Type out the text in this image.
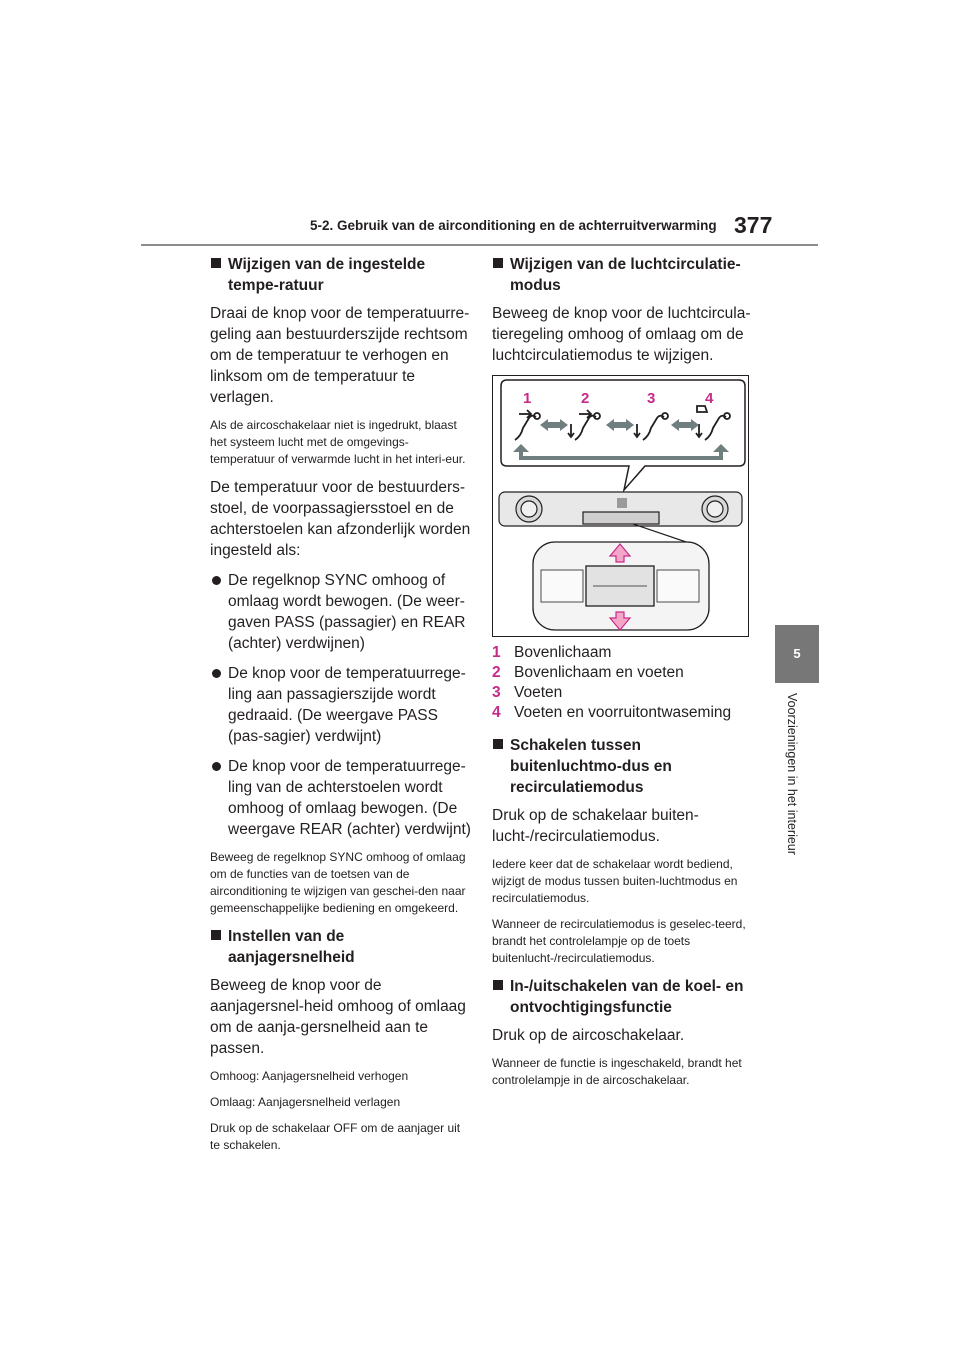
5-2. Gebruik van de airconditioning en de achterruitverwarming 377
5
Voorzieningen in het interieur
Wijzigen van de ingestelde tempe-ratuur

Draai de knop voor de temperatuurre-geling aan bestuurderszijde rechtsom om de temperatuur te verhogen en linksom om de temperatuur te verlagen.

Als de aircoschakelaar niet is ingedrukt, blaast het systeem lucht met de omgevings-temperatuur of verwarmde lucht in het interi-eur.

De temperatuur voor de bestuurders-stoel, de voorpassagiersstoel en de achterstoelen kan afzonderlijk worden ingesteld als:

De regelknop SYNC omhoog of omlaag wordt bewogen. (De weer-gaven PASS (passagier) en REAR (achter) verdwijnen)
De knop voor de temperatuurrege-ling aan passagierszijde wordt gedraaid. (De weergave PASS (pas-sagier) verdwijnt)
De knop voor de temperatuurrege-ling van de achterstoelen wordt omhoog of omlaag bewogen. (De weergave REAR (achter) verdwijnt)

Beweeg de regelknop SYNC omhoog of omlaag om de functies van de toetsen van de airconditioning te wijzigen van geschei-den naar gemeenschappelijke bediening en omgekeerd.

Instellen van de aanjagersnelheid

Beweeg de knop voor de aanjagersnel-heid omhoog of omlaag om de aanja-gersnelheid aan te passen.

Omhoog: Aanjagersnelheid verhogen

Omlaag: Aanjagersnelheid verlagen

Druk op de schakelaar OFF om de aanjager uit te schakelen.

Wijzigen van de luchtcirculatie-modus

Beweeg de knop voor de luchtcircula-tieregeling omhoog of omlaag om de luchtcirculatiemodus te wijzigen.

1	2	3	4
1 Bovenlichaam
2 Bovenlichaam en voeten
3 Voeten
4 Voeten en voorruitontwaseming
Schakelen tussen buitenluchtmo-dus en recirculatiemodus

Druk op de schakelaar buiten-lucht-/recirculatiemodus.

Iedere keer dat de schakelaar wordt bediend, wijzigt de modus tussen buiten-luchtmodus en recirculatiemodus.

Wanneer de recirculatiemodus is geselec-teerd, brandt het controlelampje op de toets buitenlucht-/recirculatiemodus.

In-/uitschakelen van de koel- en ontvochtigingsfunctie

Druk op de aircoschakelaar.

Wanneer de functie is ingeschakeld, brandt het controlelampje in de aircoschakelaar.
